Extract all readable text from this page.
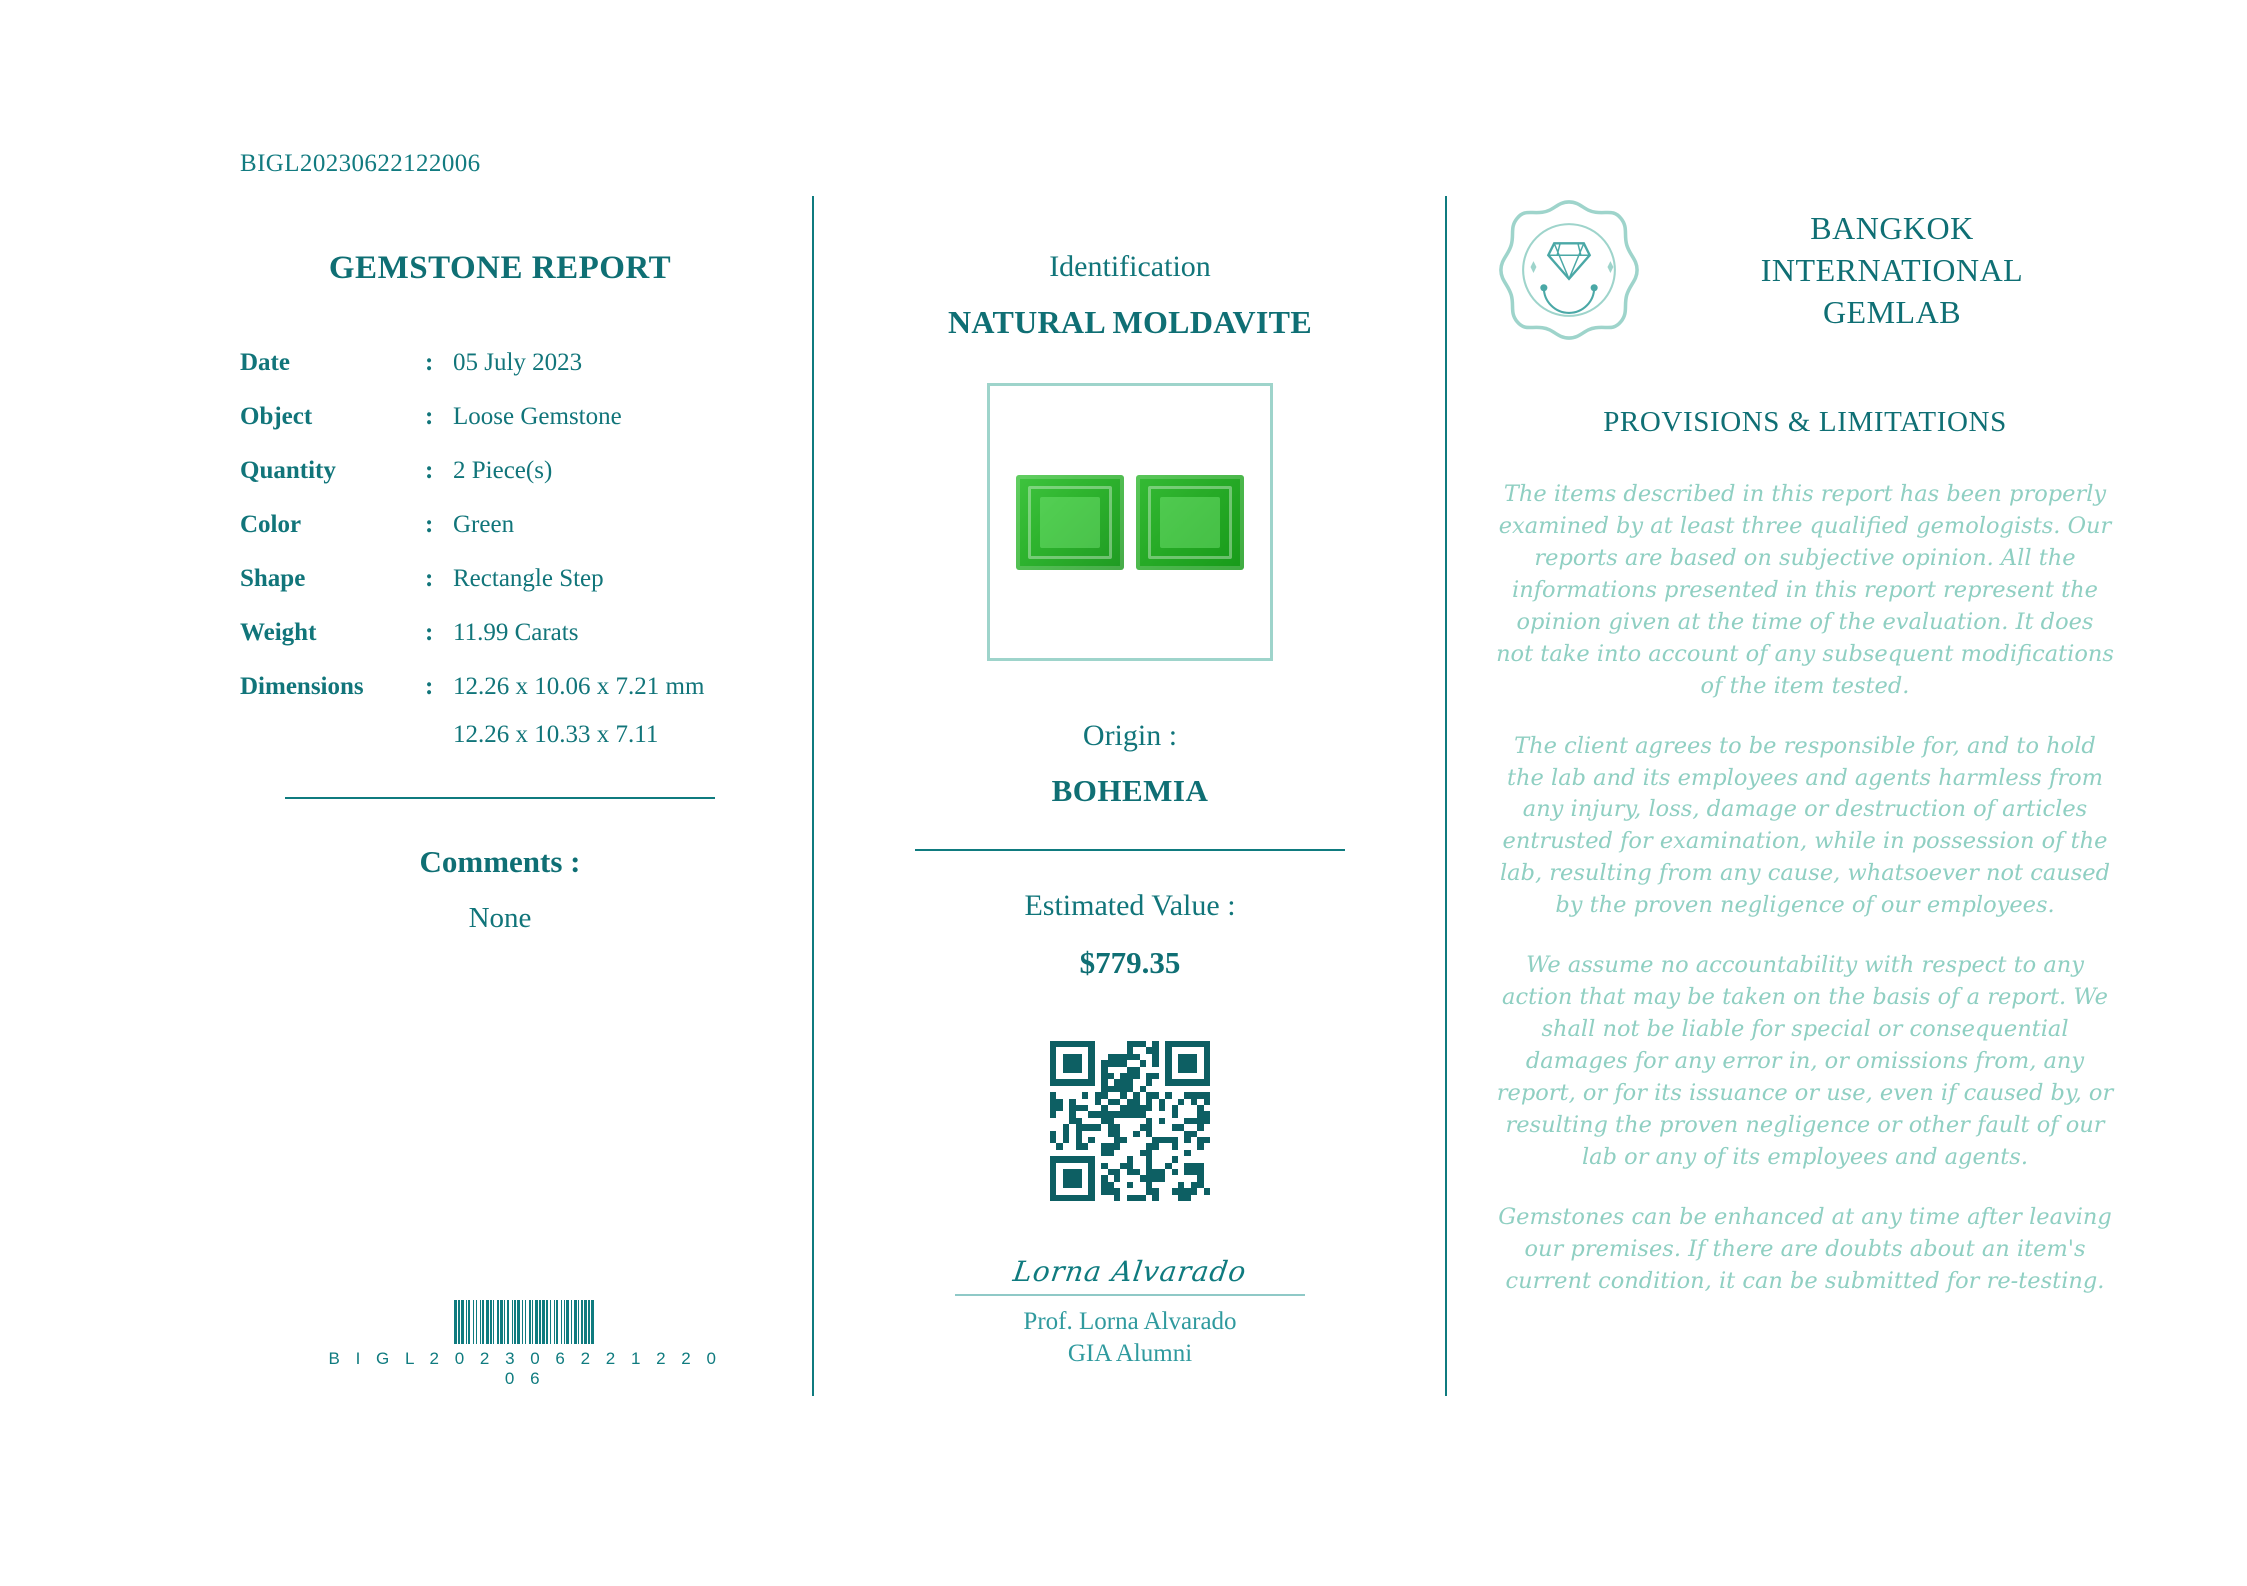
BIGL20230622122006
GEMSTONE REPORT
Date	:	05 July 2023
Object	:	Loose Gemstone
Quantity	:	2 Piece(s)
Color	:	Green
Shape	:	Rectangle Step
Weight	:	11.99 Carats
Dimensions	:	12.26 x 10.06 x 7.21 mm
12.26 x 10.33 x 7.11
Comments :
None
B I G L 2 0 2 3 0 6 2 2 1 2 2 0 0 6
Identification
NATURAL MOLDAVITE
Origin :
BOHEMIA
Estimated Value :
$779.35
Lorna Alvarado
Prof. Lorna Alvarado
GIA Alumni
BANGKOK
INTERNATIONAL
GEMLAB
PROVISIONS & LIMITATIONS

The items described in this report has been properly examined by at least three qualified gemologists. Our reports are based on subjective opinion. All the informations presented in this report represent the opinion given at the time of the evaluation. It does not take into account of any subsequent modifications of the item tested.

The client agrees to be responsible for, and to hold the lab and its employees and agents harmless from any injury, loss, damage or destruction of articles entrusted for examination, while in possession of the lab, resulting from any cause, whatsoever not caused by the proven negligence of our employees.

We assume no accountability with respect to any action that may be taken on the basis of a report. We shall not be liable for special or consequential damages for any error in, or omissions from, any report, or for its issuance or use, even if caused by, or resulting the proven negligence or other fault of our lab or any of its employees and agents.

Gemstones can be enhanced at any time after leaving our premises. If there are doubts about an item's current condition, it can be submitted for re-testing.
